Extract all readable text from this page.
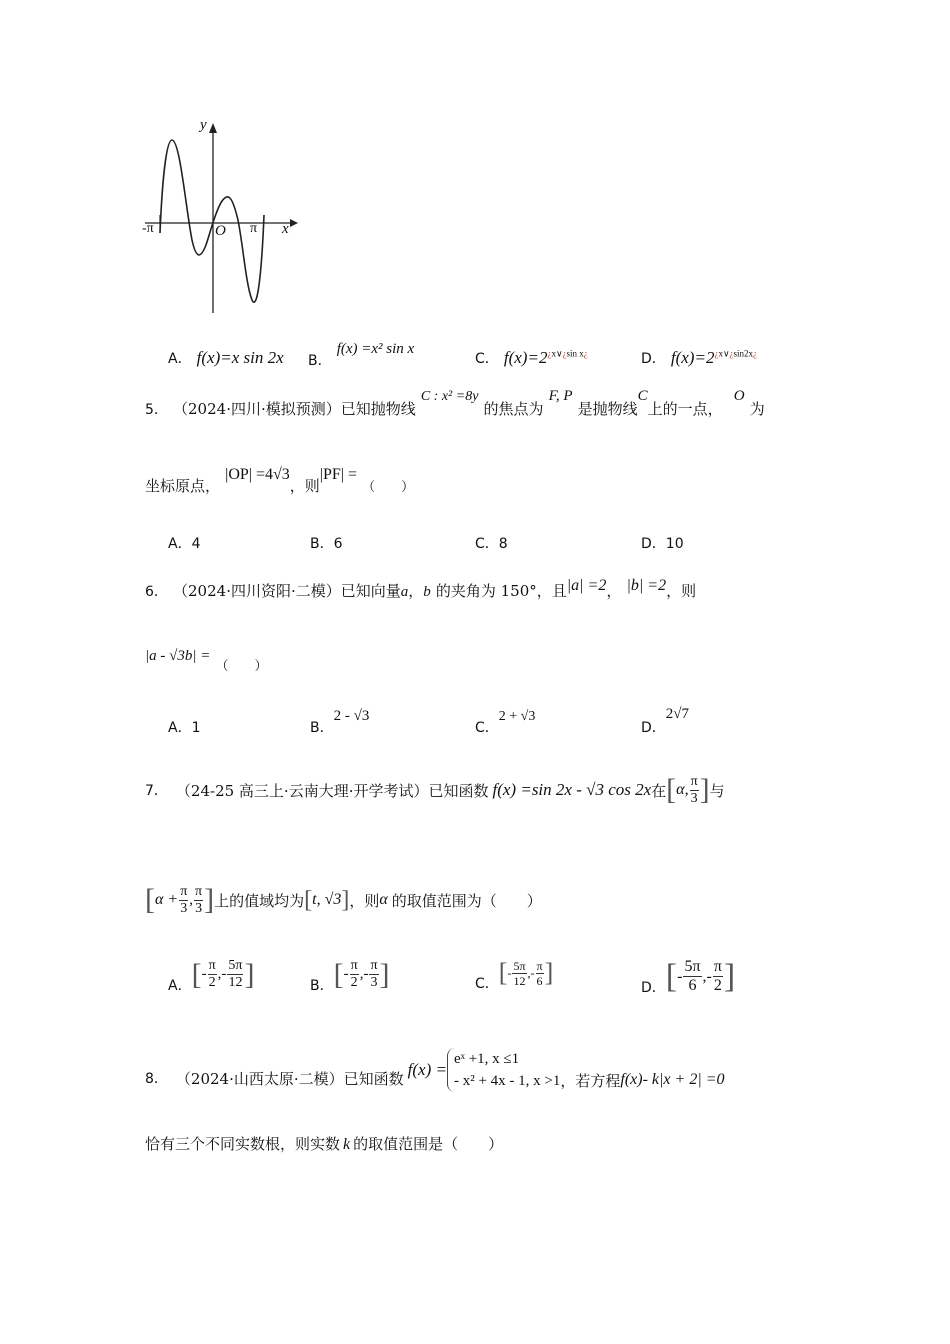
y
x
O
-π	π
A． f(x)=x sin 2x B． f(x) =x² sin x
C． $f(x)=2^{¿x\vee¿sin x¿}$	D． $f(x)=2^{¿x\vee¿sin2x¿}$
5． （2024·四川·模拟预测）已知抛物线 C : x² =8y 的焦点为 F, P 是抛物线C上的一点， O 为
坐标原点， |OP| =4√3，则|PF| = （　　）
A．4	B．6	C．8	D．10
6． （2024·四川资阳·二模）已知向量a，b 的夹角为 150°，且|a| =2， |b| =2，则
|a - √3b| = $_{( )}$
A．1	B．2 - √3
C．2 + √3
D．2√7
7． （24-25 高三上·云南大理·开学考试） 已知函数 f(x) =sin 2x - √3 cos 2x 在 [ α, $\frac{\pi}{3}$ ] 与
[ $\alpha + \frac{\pi}{3}$ , $\frac{\pi}{3}$ ] 上的值域均为 [ t, √3 ] ，则 α 的取值范围为（　　）
A． [ - $\frac{\pi}{2}$ ,- $\frac{5\pi}{12}$ ]	B． [ - $\frac{\pi}{2}$ ,- $\frac{\pi}{3}$ ]	C． [ - $\frac{5\pi}{12}$ ,- $\frac{\pi}{6}$ ]
D． [ - $\frac{5\pi}{6}$ ,- $\frac{\pi}{2}$ ]
8． （2024·山西太原·二模） 已知函数 f(x) =
eˣ +1, x ≤1
- x² + 4x - 1, x >1 ，若方程 f(x)- k|x + 2| =0
恰有三个不同实数根，则实数 k 的取值范围是（　　）
